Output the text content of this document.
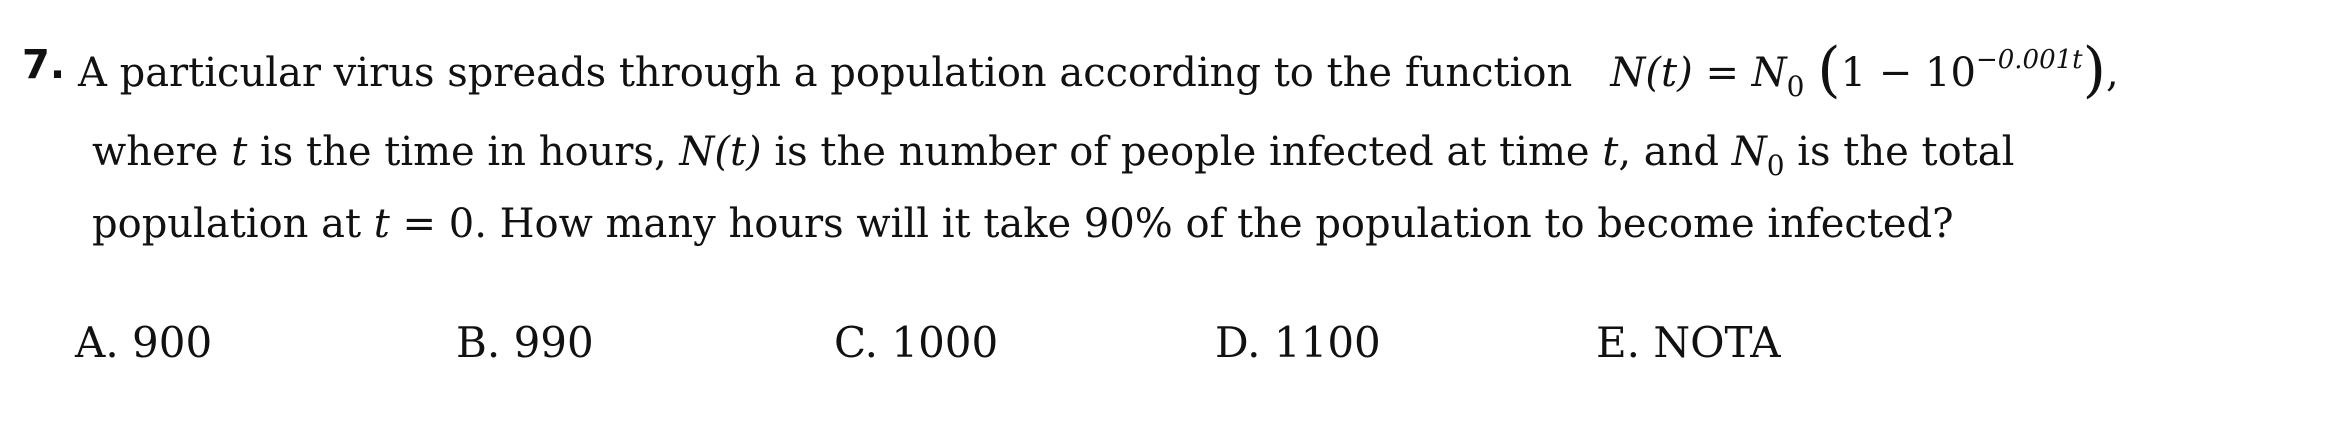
7. A particular virus spreads through a population according to the function $N(t) = N_0$ $(1 - 10^{-0.001t})$,
where t is the time in hours, N(t) is the number of people infected at time t, and $N_0$ is the total
population at t = 0. How many hours will it take 90% of the population to become infected?
A. 900	B. 990	C. 1000	D. 1100	E. NOTA
